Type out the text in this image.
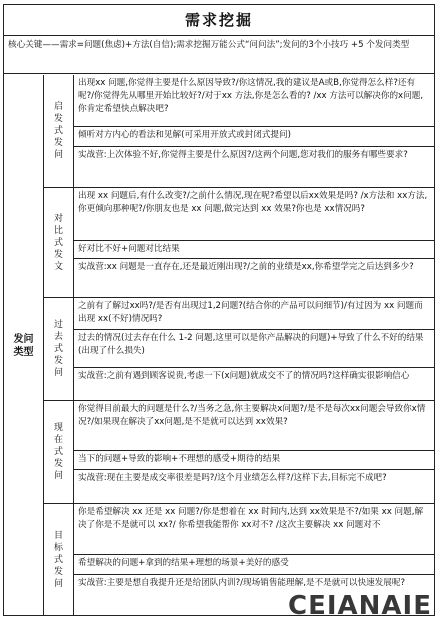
需求挖掘
核心关键——需求=问题(焦虑)+方法(自信);需求挖掘万能公式“问问法”;发问的3个小技巧 +5 个发问类型
发问类型
启发式发问
出现xx 问题,你觉得主要是什么原因导致?/你这情况,我的建议是A或B,你觉得怎么样?还有呢?/你觉得先从哪里开始比较好?/对于xx 方法,你是怎么看的? /xx 方法可以解决你的x问题,你肯定希望快点解决吧?
倾听对方内心的看法和见解(可采用开放式或封闭式提问)
实战营:上次体验不好,你觉得主要是什么原因?/这两个问题,您对我们的服务有哪些要求?
对比式发文
出现 xx 问题后,有什么改变?/之前什么情况,现在呢?希望以后xx效果是吗? /x方法和 xx方法,你更倾向那种呢?/你朋友也是 xx 问题,做完达到 xx 效果?你也是 xx情况吗?
好对比不好+问题对比结果
实战营:xx 问题是一直存在,还是最近刚出现?/之前的业绩是xx,你希望学完之后达到多少?
过去式发问
之前有了解过xx吗?/是否有出现过1,2问题?(结合你的产品可以问细节)/有过因为 xx 问题而出现 xx(不好)情况吗?
过去的情况(过去存在什么 1-2 问题,这里可以是你产品解决的问题)+导致了什么不好的结果(出现了什么损失)
实战营:之前有遇到顾客说贵,考虑一下(x问题)就成交不了的情况吗?这样确实很影响信心
现在式发问
你觉得目前最大的问题是什么?/当务之急,你主要解决x问题?/是不是每次xx问题会导致你x情况?/如果现在解决了xx问题,是不是就可以达到 xx效果?
当下的问题+导致的影响+不理想的感受+期待的结果
实战营:现在主要是成交率很差是吗?/这个月业绩怎么样?/这样下去,目标完不成吧?
目标式发问
你是希望解决 xx 还是 xx 问题?/你是想着在 xx 时间内,达到 xx效果是不?/如果 xx 问题,解决了你是不是就可以 xx?/ 你希望我能帮你 xx对不? /这次主要解决 xx 问题对不
希望解决的问题+拿到的结果+理想的场景+美好的感受
实战营:主要是想自我提升还是给团队内训?/现场销售能理解,是不是就可以快速发展呢?
CEIANAIE
